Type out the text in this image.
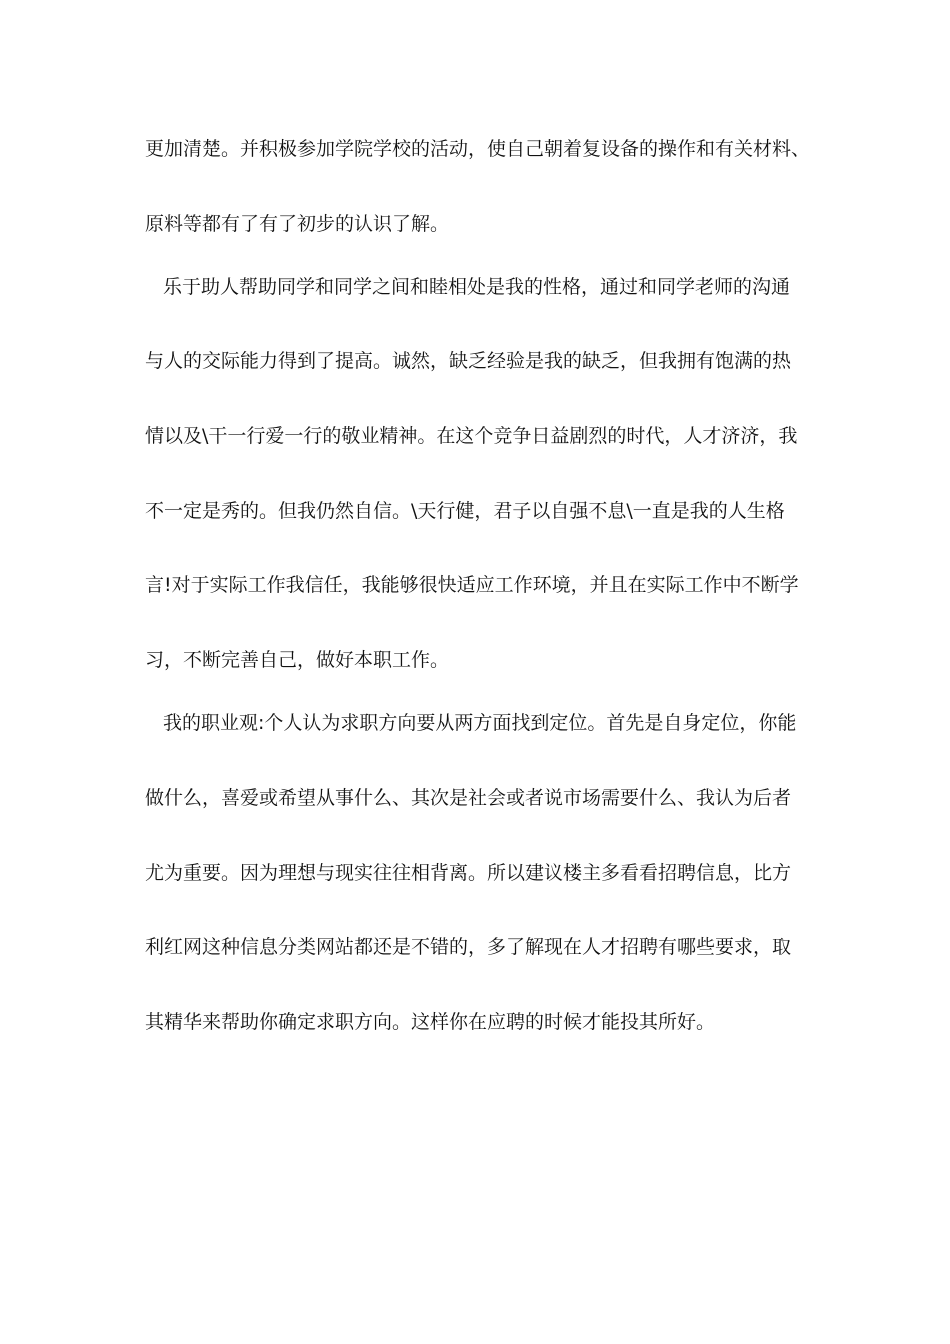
更加清楚。并积极参加学院学校的活动，使自己朝着复设备的操作和有关材料、
原料等都有了有了初步的认识了解。
乐于助人帮助同学和同学之间和睦相处是我的性格，通过和同学老师的沟通
与人的交际能力得到了提高。诚然，缺乏经验是我的缺乏，但我拥有饱满的热
情以及\干一行爱一行的敬业精神。在这个竞争日益剧烈的时代，人才济济，我
不一定是秀的。但我仍然自信。\天行健，君子以自强不息\一直是我的人生格
言!对于实际工作我信任，我能够很快适应工作环境，并且在实际工作中不断学
习，不断完善自己，做好本职工作。
我的职业观:个人认为求职方向要从两方面找到定位。首先是自身定位，你能
做什么，喜爱或希望从事什么、其次是社会或者说市场需要什么、我认为后者
尤为重要。因为理想与现实往往相背离。所以建议楼主多看看招聘信息，比方
利红网这种信息分类网站都还是不错的，多了解现在人才招聘有哪些要求，取
其精华来帮助你确定求职方向。这样你在应聘的时候才能投其所好。
